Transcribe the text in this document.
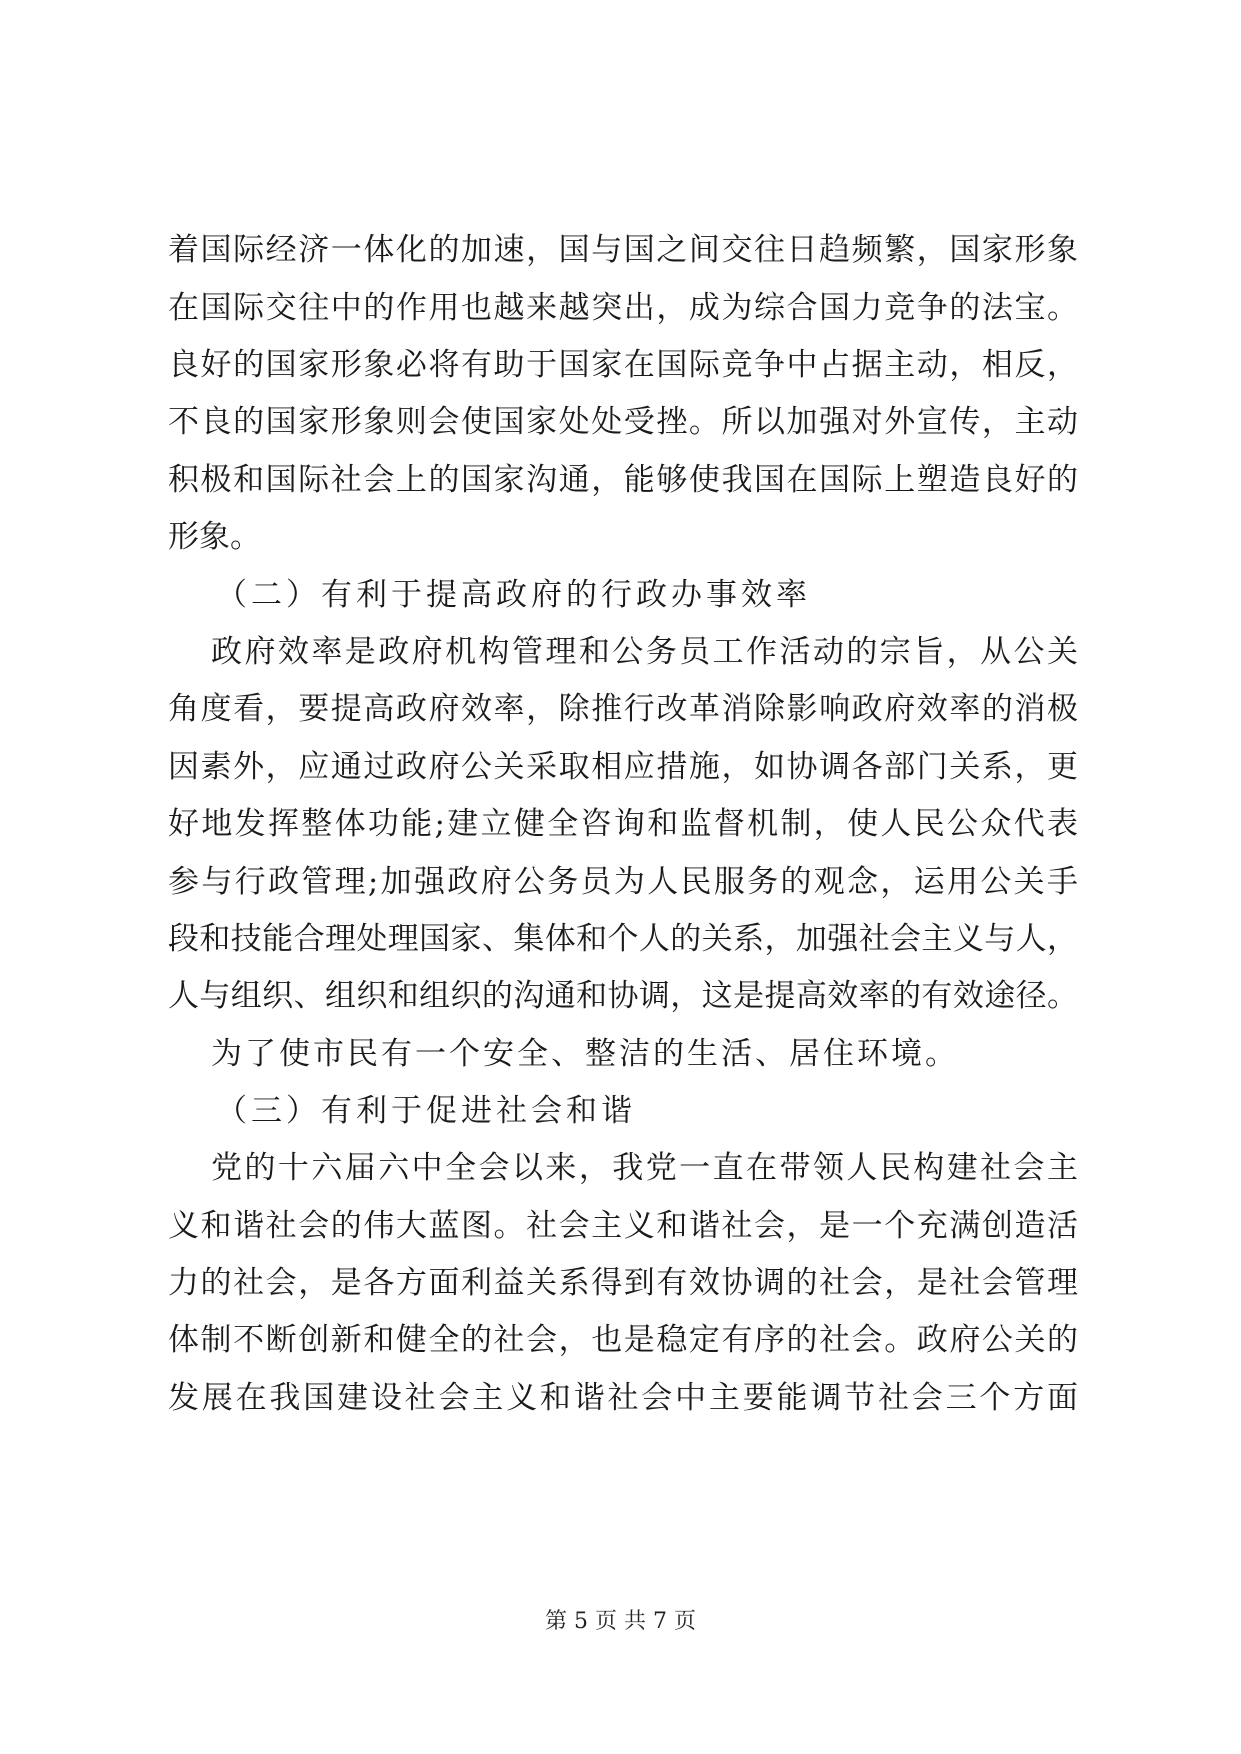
着国际经济一体化的加速，国与国之间交往日趋频繁，国家形象
在国际交往中的作用也越来越突出，成为综合国力竞争的法宝。
良好的国家形象必将有助于国家在国际竞争中占据主动，相反，
不良的国家形象则会使国家处处受挫。所以加强对外宣传，主动
积极和国际社会上的国家沟通，能够使我国在国际上塑造良好的
形象。
（二）有利于提高政府的行政办事效率
政府效率是政府机构管理和公务员工作活动的宗旨，从公关
角度看，要提高政府效率，除推行改革消除影响政府效率的消极
因素外，应通过政府公关采取相应措施，如协调各部门关系，更
好地发挥整体功能;建立健全咨询和监督机制，使人民公众代表
参与行政管理;加强政府公务员为人民服务的观念，运用公关手
段和技能合理处理国家、集体和个人的关系，加强社会主义与人，
人与组织、组织和组织的沟通和协调，这是提高效率的有效途径。
为了使市民有一个安全、整洁的生活、居住环境。
（三）有利于促进社会和谐
党的十六届六中全会以来，我党一直在带领人民构建社会主
义和谐社会的伟大蓝图。社会主义和谐社会，是一个充满创造活
力的社会，是各方面利益关系得到有效协调的社会，是社会管理
体制不断创新和健全的社会，也是稳定有序的社会。政府公关的
发展在我国建设社会主义和谐社会中主要能调节社会三个方面
第 5 页 共 7 页
